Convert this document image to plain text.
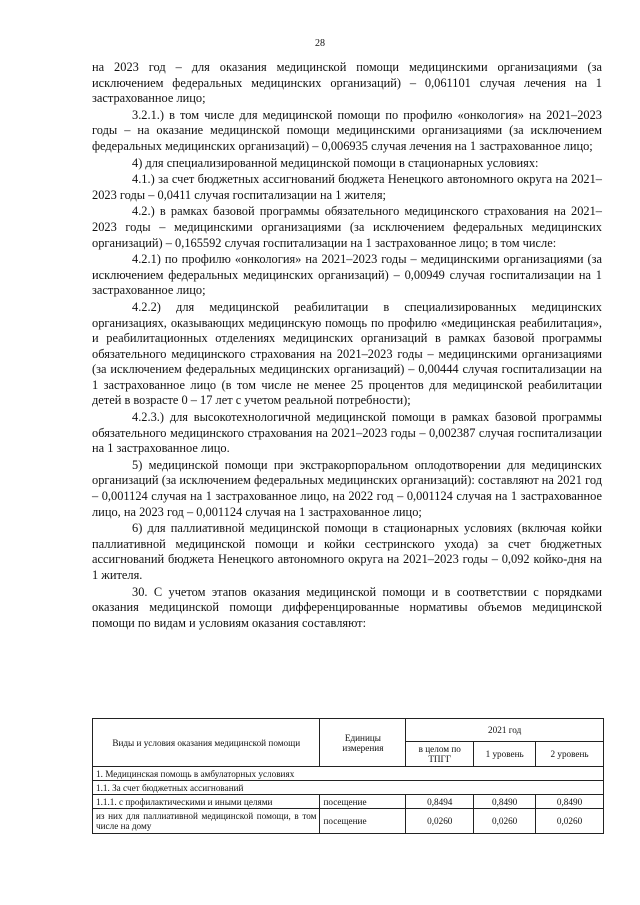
28

на 2023 год – для оказания медицинской помощи медицинскими организациями (за исключением федеральных медицинских организаций) – 0,061101 случая лечения на 1 застрахованное лицо;

3.2.1.) в том числе для медицинской помощи по профилю «онкология» на 2021–2023 годы – на оказание медицинской помощи медицинскими организациями (за исключением федеральных медицинских организаций) – 0,006935 случая лечения на 1 застрахованное лицо;

4) для специализированной медицинской помощи в стационарных условиях:

4.1.) за счет бюджетных ассигнований бюджета Ненецкого автономного округа на 2021–2023 годы – 0,0411 случая госпитализации на 1 жителя;

4.2.) в рамках базовой программы обязательного медицинского страхования на 2021–2023 годы – медицинскими организациями (за исключением федеральных медицинских организаций) – 0,165592 случая госпитализации на 1 застрахованное лицо; в том числе:

4.2.1) по профилю «онкология» на 2021–2023 годы – медицинскими организациями (за исключением федеральных медицинских организаций) – 0,00949 случая госпитализации на 1 застрахованное лицо;

4.2.2) для медицинской реабилитации в специализированных медицинских организациях, оказывающих медицинскую помощь по профилю «медицинская реабилитация», и реабилитационных отделениях медицинских организаций в рамках базовой программы обязательного медицинского страхования на 2021–2023 годы – медицинскими организациями (за исключением федеральных медицинских организаций) – 0,00444 случая госпитализации на 1 застрахованное лицо (в том числе не менее 25 процентов для медицинской реабилитации детей в возрасте 0 – 17 лет с учетом реальной потребности);

4.2.3.) для высокотехнологичной медицинской помощи в рамках базовой программы обязательного медицинского страхования на 2021–2023 годы – 0,002387 случая госпитализации на 1 застрахованное лицо.

5) медицинской помощи при экстракорпоральном оплодотворении для медицинских организаций (за исключением федеральных медицинских организаций): составляют на 2021 год – 0,001124 случая на 1 застрахованное лицо, на 2022 год – 0,001124 случая на 1 застрахованное лицо, на 2023 год – 0,001124 случая на 1 застрахованное лицо;

6) для паллиативной медицинской помощи в стационарных условиях (включая койки паллиативной медицинской помощи и койки сестринского ухода) за счет бюджетных ассигнований бюджета Ненецкого автономного округа на 2021–2023 годы – 0,092 койко-дня на 1 жителя.

30. С учетом этапов оказания медицинской помощи и в соответствии с порядками оказания медицинской помощи дифференцированные нормативы объемов медицинской помощи по видам и условиям оказания составляют:

Виды и условия оказания медицинской помощи	Единицы измерения	2021 год		
		в целом по ТПГГ	1 уровень	2 уровень
1. Медицинская помощь в амбулаторных условиях				
1.1. За счет бюджетных ассигнований				
1.1.1. с профилактическими и иными целями	посещение	0,8494	0,8490	0,8490
из них для паллиативной медицинской помощи, в том числе на дому	посещение	0,0260	0,0260	0,0260
